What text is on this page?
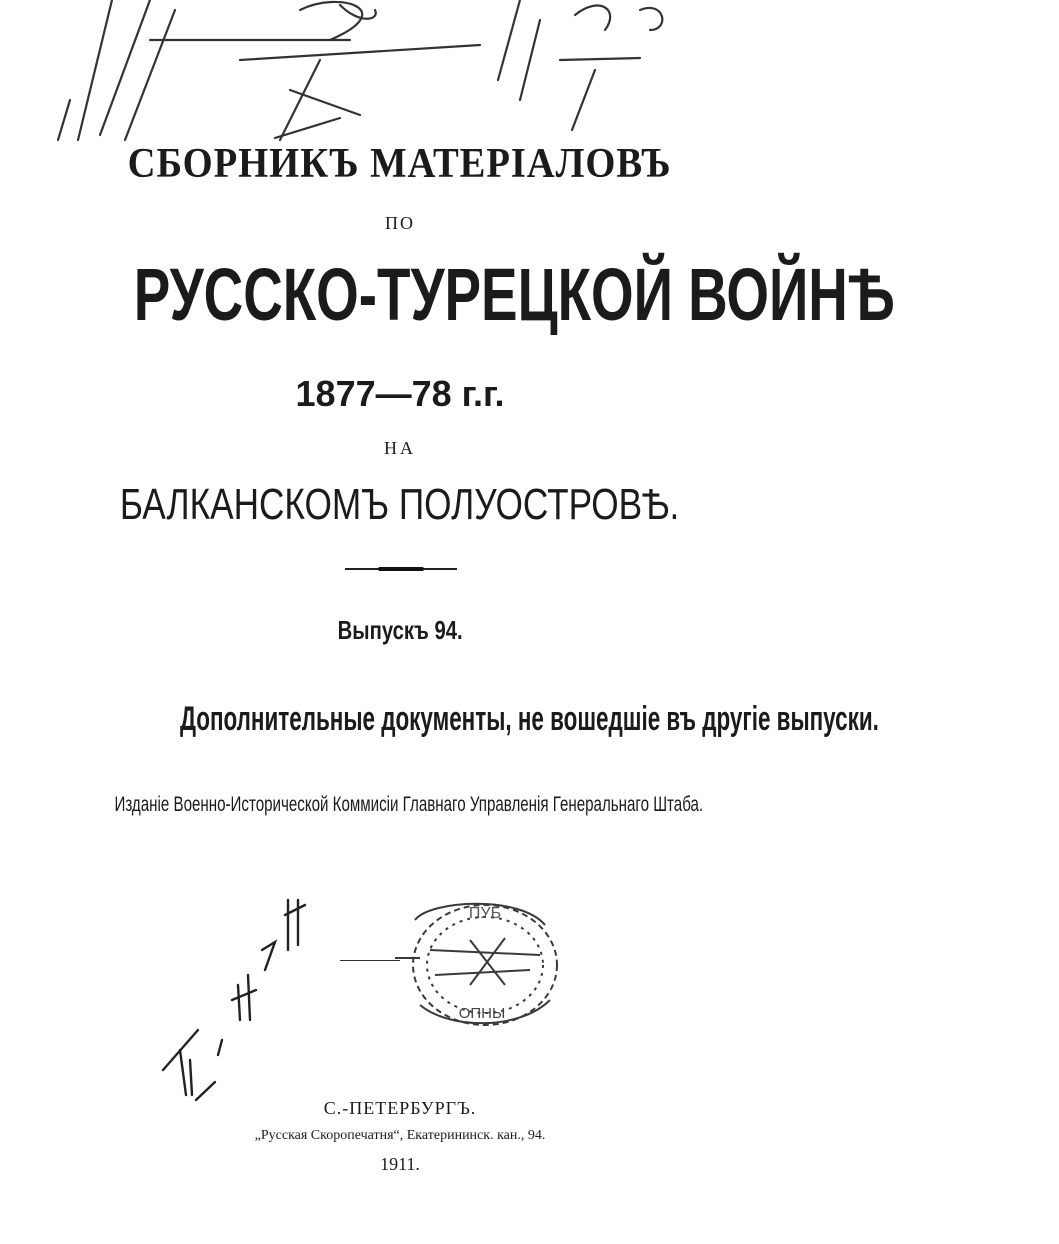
СБОРНИКЪ МАТЕРІАЛОВЪ
ПО
РУССКО-ТУРЕЦКОЙ ВОЙНѢ
1877—78 г.г.
НА
БАЛКАНСКОМЪ ПОЛУОСТРОВѢ.
Выпускъ 94.
Дополнительные документы, не вошедшіе въ другіе выпуски.
Изданіе Военно-Исторической Коммисіи Главнаго Управленія Генеральнаго Штаба.
ПУБ
ОПНЫ
С.-ПЕТЕРБУРГЪ.
„Русская Скоропечатня“, Екатерининск. кан., 94.
1911.
